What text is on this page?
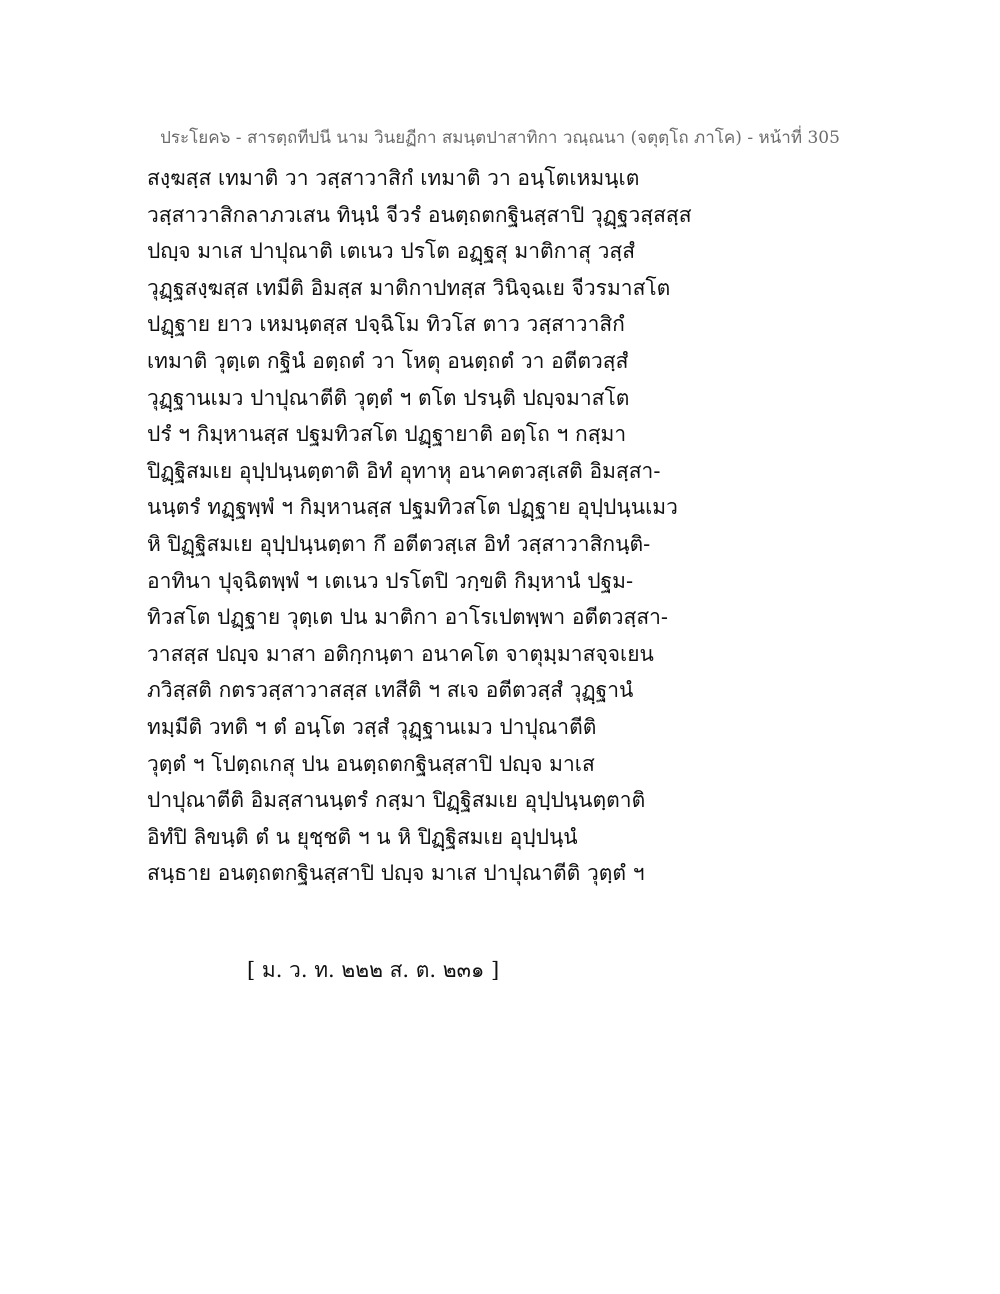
ประโยค๖ - สารตฺถทีปนี นาม วินยฏีกา สมนฺตปาสาทิกา วณฺณนา (จตุตฺโถ ภาโค) - หน้าที่ 305
สงฺฆสฺส เทมาติ วา วสฺสาวาสิกํ เทมาติ วา อนฺโตเหมนฺเต
วสฺสาวาสิกลาภวเสน ทินฺนํ จีวรํ อนตฺถตกฐินสฺสาปิ วุฏฺฐวสฺสสฺส
ปญฺจ มาเส ปาปุณาติ เตเนว ปรโต อฏฺฐสุ มาติกาสุ วสฺสํ
วุฏฺฐสงฺฆสฺส เทมีติ อิมสฺส มาติกาปทสฺส วินิจฺฉเย จีวรมาสโต
ปฏฺฐาย ยาว เหมนฺตสฺส ปจฺฉิโม ทิวโส ตาว วสฺสาวาสิกํ
เทมาติ วุตฺเต กฐินํ อตฺถตํ วา โหตุ อนตฺถตํ วา อตีตวสฺสํ
วุฏฺฐานเมว ปาปุณาตีติ วุตฺตํ ฯ ตโต ปรนฺติ ปญฺจมาสโต
ปรํ ฯ กิมฺหานสฺส ปฐมทิวสโต ปฏฺฐายาติ อตฺโถ ฯ กสฺมา
ปิฏฺฐิสมเย อุปฺปนฺนตฺตาติ อิทํ อุทาหุ อนาคตวสฺเสติ อิมสฺสา-
นนฺตรํ ทฏฺฐพฺพํ ฯ กิมฺหานสฺส ปฐมทิวสโต ปฏฺฐาย อุปฺปนฺนเมว
หิ ปิฏฺฐิสมเย อุปฺปนฺนตฺตา กึ อตีตวสฺเส อิทํ วสฺสาวาสิกนฺติ-
อาทินา ปุจฺฉิตพฺพํ ฯ เตเนว ปรโตปิ วกฺขติ กิมฺหานํ ปฐม-
ทิวสโต ปฏฺฐาย วุตฺเต ปน มาติกา อาโรเปตพฺพา อตีตวสฺสา-
วาสสฺส ปญฺจ มาสา อติกฺกนฺตา อนาคโต จาตุมฺมาสจฺจเยน
ภวิสฺสติ กตรวสฺสาวาสสฺส เทสีติ ฯ สเจ อตีตวสฺสํ วุฏฺฐานํ
ทมฺมีติ วทติ ฯ ตํ อนฺโต วสฺสํ วุฏฺฐานเมว ปาปุณาตีติ
วุตฺตํ ฯ โปตฺถเกสุ ปน อนตฺถตกฐินสฺสาปิ ปญฺจ มาเส
ปาปุณาตีติ อิมสฺสานนฺตรํ กสฺมา ปิฏฺฐิสมเย อุปฺปนฺนตฺตาติ
อิทํปิ ลิขนฺติ ตํ น ยุชฺชติ ฯ น หิ ปิฏฺฐิสมเย อุปฺปนฺนํ
สนฺธาย อนตฺถตกฐินสฺสาปิ ปญฺจ มาเส ปาปุณาตีติ วุตฺตํ ฯ
[ ม. ว. ท. ๒๒๒ ส. ต. ๒๓๑ ]
